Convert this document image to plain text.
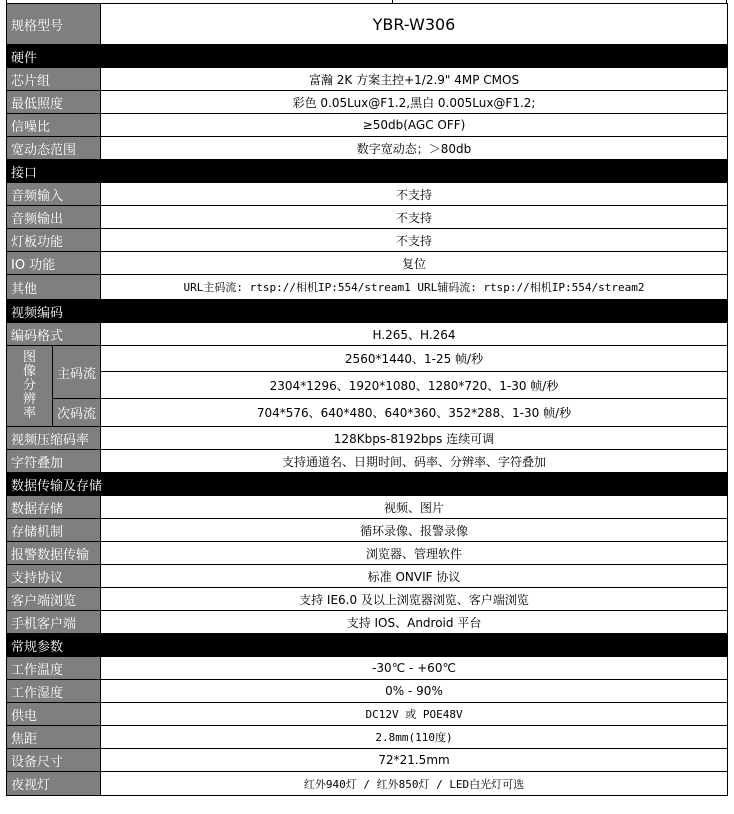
规格型号		YBR-W306
硬件		
芯片组		富瀚 2K 方案主控+1/2.9" 4MP CMOS
最低照度		彩色 0.05Lux@F1.2,黑白 0.005Lux@F1.2;
信噪比		≥50db(AGC OFF)
宽动态范围		数字宽动态；＞80db
接口		
音频输入		不支持
音频输出		不支持
灯板功能		不支持
IO 功能		复位
其他		URL主码流: rtsp://相机IP:554/stream1 URL辅码流: rtsp://相机IP:554/stream2
视频编码		
编码格式		H.265、H.264
图
像
分
辨
率	主码流	2560*1440、1-25 帧/秒
		2304*1296、1920*1080、1280*720、1-30 帧/秒
	次码流	704*576、640*480、640*360、352*288、1-30 帧/秒
视频压缩码率		128Kbps-8192bps 连续可调
字符叠加		支持通道名、日期时间、码率、分辨率、字符叠加
数据传输及存储		
数据存储		视频、图片
存储机制		循环录像、报警录像
报警数据传输		浏览器、管理软件
支持协议		标准 ONVIF 协议
客户端浏览		支持 IE6.0 及以上浏览器浏览、客户端浏览
手机客户端		支持 IOS、Android 平台
常规参数		
工作温度		-30℃ - +60℃
工作湿度		0% - 90%
供电		DC12V 或 POE48V
焦距		2.8mm(110度)
设备尺寸		72*21.5mm
夜视灯		红外940灯 / 红外850灯 / LED白光灯可选
